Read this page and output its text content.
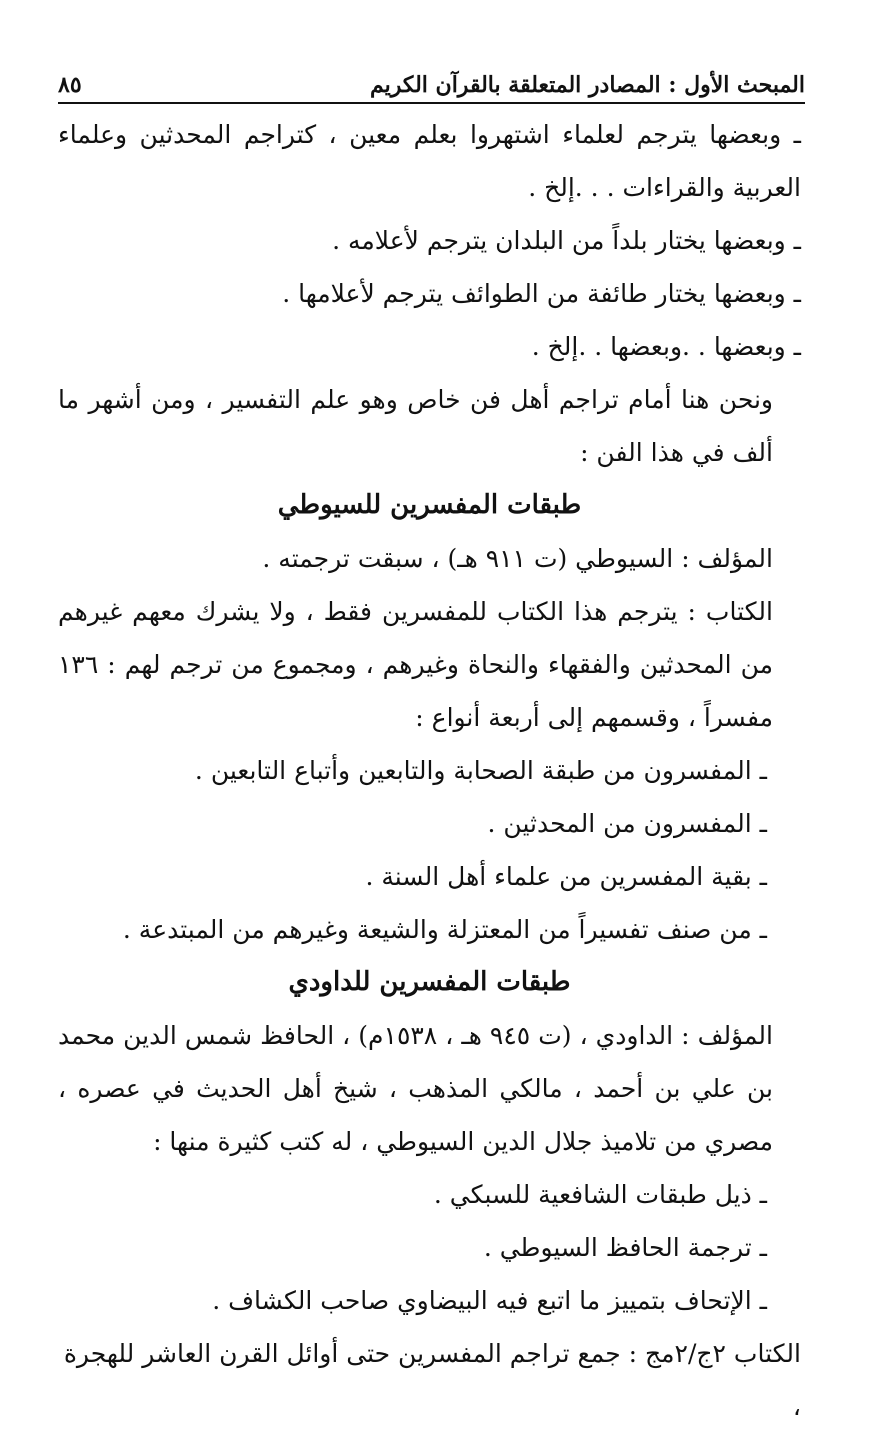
المبحث الأول : المصادر المتعلقة بالقرآن الكريم
٨٥

ـ وبعضها يترجم لعلماء اشتهروا بعلم معين ، كتراجم المحدثين وعلماء العربية والقراءات . . .إلخ .

ـ وبعضها يختار بلداً من البلدان يترجم لأعلامه .

ـ وبعضها يختار طائفة من الطوائف يترجم لأعلامها .

ـ وبعضها . .وبعضها . .إلخ .

ونحن هنا أمام تراجم أهل فن خاص وهو علم التفسير ، ومن أشهر ما ألف في هذا الفن :

طبقات المفسرين للسيوطي

المؤلف : السيوطي (ت ٩١١ هـ) ، سبقت ترجمته .

الكتاب : يترجم هذا الكتاب للمفسرين فقط ، ولا يشرك معهم غيرهم من المحدثين والفقهاء والنحاة وغيرهم ، ومجموع من ترجم لهم : ١٣٦ مفسراً ، وقسمهم إلى أربعة أنواع :

ـ المفسرون من طبقة الصحابة والتابعين وأتباع التابعين .

ـ المفسرون من المحدثين .

ـ بقية المفسرين من علماء أهل السنة .

ـ من صنف تفسيراً من المعتزلة والشيعة وغيرهم من المبتدعة .

طبقات المفسرين للداودي

المؤلف : الداودي ، (ت ٩٤٥ هـ ، ١٥٣٨م) ، الحافظ شمس الدين محمد بن علي بن أحمد ، مالكي المذهب ، شيخ أهل الحديث في عصره ، مصري من تلاميذ جلال الدين السيوطي ، له كتب كثيرة منها :

ـ ذيل طبقات الشافعية للسبكي .

ـ ترجمة الحافظ السيوطي .

ـ الإتحاف بتمييز ما اتبع فيه البيضاوي صاحب الكشاف .

الكتاب ٢ج/٢مج : جمع تراجم المفسرين حتى أوائل القرن العاشر للهجرة ،
